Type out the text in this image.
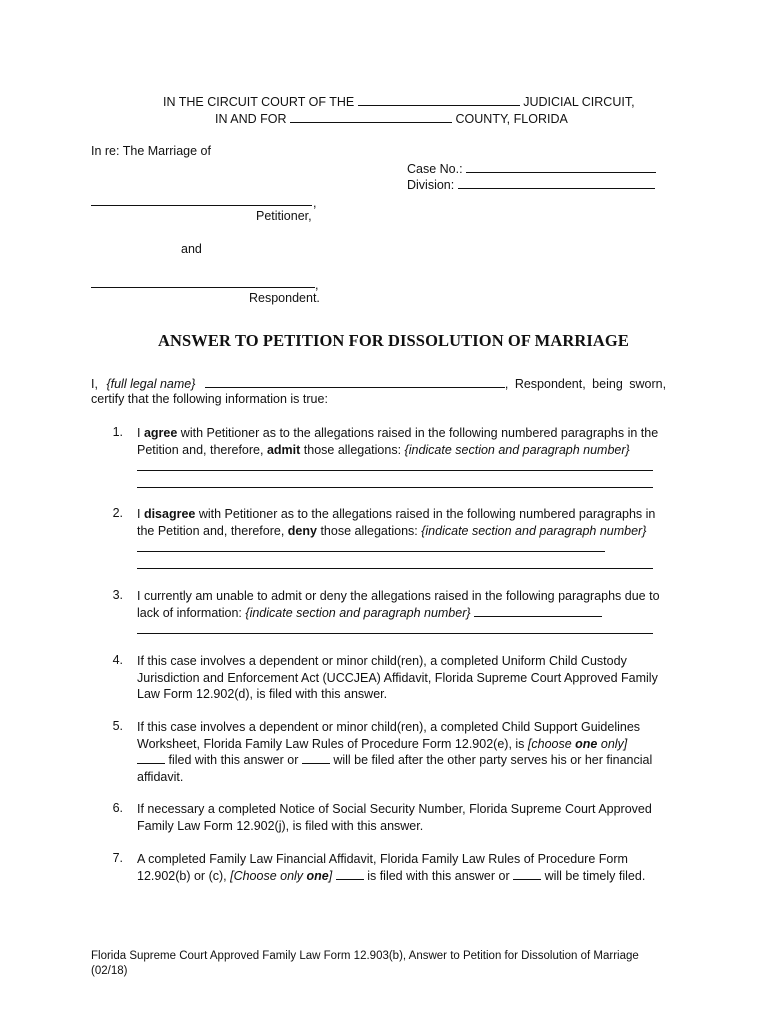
IN THE CIRCUIT COURT OF THE	JUDICIAL CIRCUIT,
IN AND FOR	COUNTY, FLORIDA
In re: The Marriage of
Case No.:
Division:
,
Petitioner,
and
,
Respondent.
ANSWER TO PETITION FOR DISSOLUTION OF MARRIAGE
I, {full legal name}	, Respondent, being sworn,
certify that the following information is true:
1. I agree with Petitioner as to the allegations raised in the following numbered paragraphs in the
Petition and, therefore, admit those allegations: {indicate section and paragraph number}
2. I disagree with Petitioner as to the allegations raised in the following numbered paragraphs in
the Petition and, therefore, deny those allegations: {indicate section and paragraph number}
3. I currently am unable to admit or deny the allegations raised in the following paragraphs due to
lack of information: {indicate section and paragraph number}
4. If this case involves a dependent or minor child(ren), a completed Uniform Child Custody
Jurisdiction and Enforcement Act (UCCJEA) Affidavit, Florida Supreme Court Approved Family
Law Form 12.902(d), is filed with this answer.
5. If this case involves a dependent or minor child(ren), a completed Child Support Guidelines
Worksheet, Florida Family Law Rules of Procedure Form 12.902(e), is [choose one only]
filed with this answer or  will be filed after the other party serves his or her financial
affidavit.
6. If necessary a completed Notice of Social Security Number, Florida Supreme Court Approved
Family Law Form 12.902(j), is filed with this answer.
7. A completed Family Law Financial Affidavit, Florida Family Law Rules of Procedure Form
12.902(b) or (c), [Choose only one]	is filed with this answer or  will be timely filed.
Florida Supreme Court Approved Family Law Form 12.903(b), Answer to Petition for Dissolution of Marriage
(02/18)
